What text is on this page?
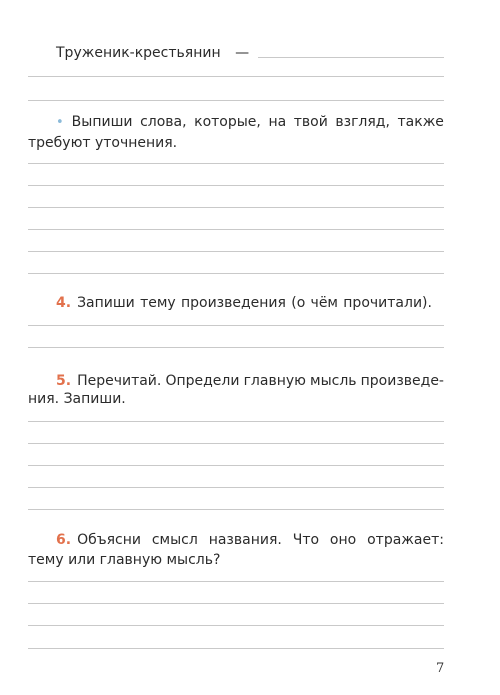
Труженик-крестьянин —
• Выпиши слова, которые, на твой взгляд, также
требуют уточнения.
4. Запиши тему произведения (о чём прочитали).
5. Перечитай. Определи главную мысль произведе-
ния. Запиши.
6. Объясни смысл названия. Что оно отражает:
тему или главную мысль?
7
